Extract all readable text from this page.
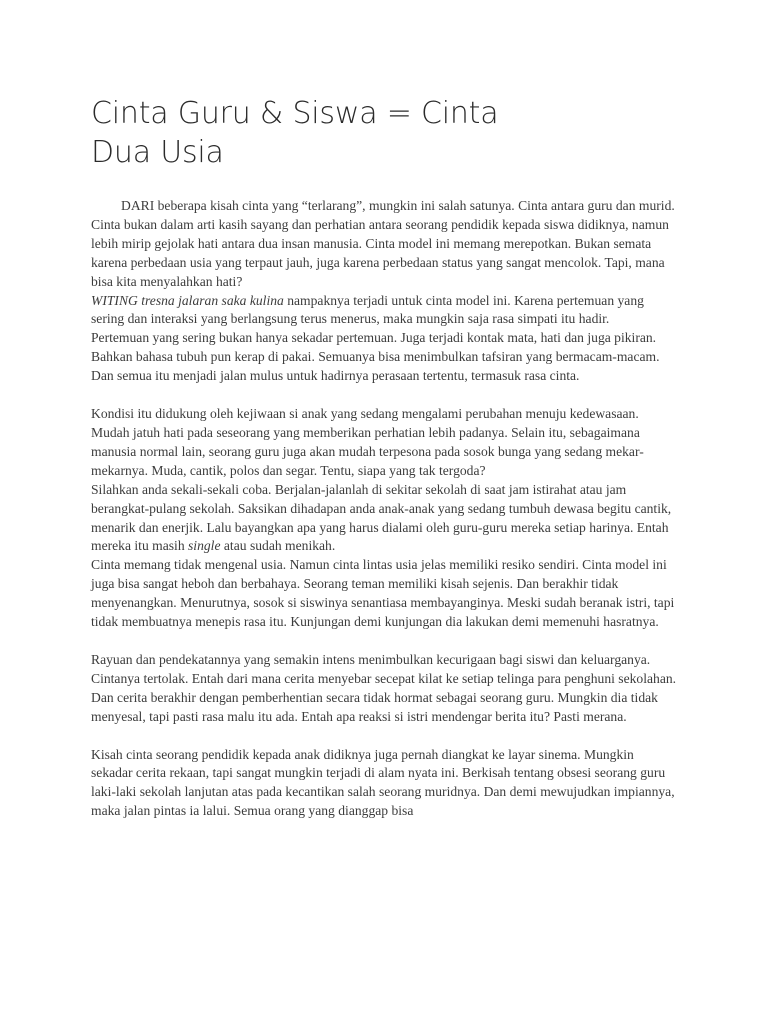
Cinta Guru & Siswa = Cinta
Dua Usia

DARI beberapa kisah cinta yang “terlarang”, mungkin ini salah satunya. Cinta antara guru dan murid. Cinta bukan dalam arti kasih sayang dan perhatian antara seorang pendidik kepada siswa didiknya, namun lebih mirip gejolak hati antara dua insan manusia. Cinta model ini memang merepotkan. Bukan semata karena perbedaan usia yang terpaut jauh, juga karena perbedaan status yang sangat mencolok. Tapi, mana bisa kita menyalahkan hati?

WITING tresna jalaran saka kulina nampaknya terjadi untuk cinta model ini. Karena pertemuan yang sering dan interaksi yang berlangsung terus menerus, maka mungkin saja rasa simpati itu hadir.

Pertemuan yang sering bukan hanya sekadar pertemuan. Juga terjadi kontak mata, hati dan juga pikiran. Bahkan bahasa tubuh pun kerap di pakai. Semuanya bisa menimbulkan tafsiran yang bermacam-macam. Dan semua itu menjadi jalan mulus untuk hadirnya perasaan tertentu, termasuk rasa cinta.

Kondisi itu didukung oleh kejiwaan si anak yang sedang mengalami perubahan menuju kedewasaan. Mudah jatuh hati pada seseorang yang memberikan perhatian lebih padanya. Selain itu, sebagaimana manusia normal lain, seorang guru juga akan mudah terpesona pada sosok bunga yang sedang mekar-mekarnya. Muda, cantik, polos dan segar. Tentu, siapa yang tak tergoda?

Silahkan anda sekali-sekali coba. Berjalan-jalanlah di sekitar sekolah di saat jam istirahat atau jam berangkat-pulang sekolah. Saksikan dihadapan anda anak-anak yang sedang tumbuh dewasa begitu cantik, menarik dan enerjik. Lalu bayangkan apa yang harus dialami oleh guru-guru mereka setiap harinya. Entah mereka itu masih single atau sudah menikah.

Cinta memang tidak mengenal usia. Namun cinta lintas usia jelas memiliki resiko sendiri. Cinta model ini juga bisa sangat heboh dan berbahaya. Seorang teman memiliki kisah sejenis. Dan berakhir tidak menyenangkan. Menurutnya, sosok si siswinya senantiasa membayanginya. Meski sudah beranak istri, tapi tidak membuatnya menepis rasa itu. Kunjungan demi kunjungan dia lakukan demi memenuhi hasratnya.

Rayuan dan pendekatannya yang semakin intens menimbulkan kecurigaan bagi siswi dan keluarganya. Cintanya tertolak. Entah dari mana cerita menyebar secepat kilat ke setiap telinga para penghuni sekolahan. Dan cerita berakhir dengan pemberhentian secara tidak hormat sebagai seorang guru. Mungkin dia tidak menyesal, tapi pasti rasa malu itu ada. Entah apa reaksi si istri mendengar berita itu? Pasti merana.

Kisah cinta seorang pendidik kepada anak didiknya juga pernah diangkat ke layar sinema. Mungkin sekadar cerita rekaan, tapi sangat mungkin terjadi di alam nyata ini. Berkisah tentang obsesi seorang guru laki-laki sekolah lanjutan atas pada kecantikan salah seorang muridnya. Dan demi mewujudkan impiannya, maka jalan pintas ia lalui. Semua orang yang dianggap bisa
